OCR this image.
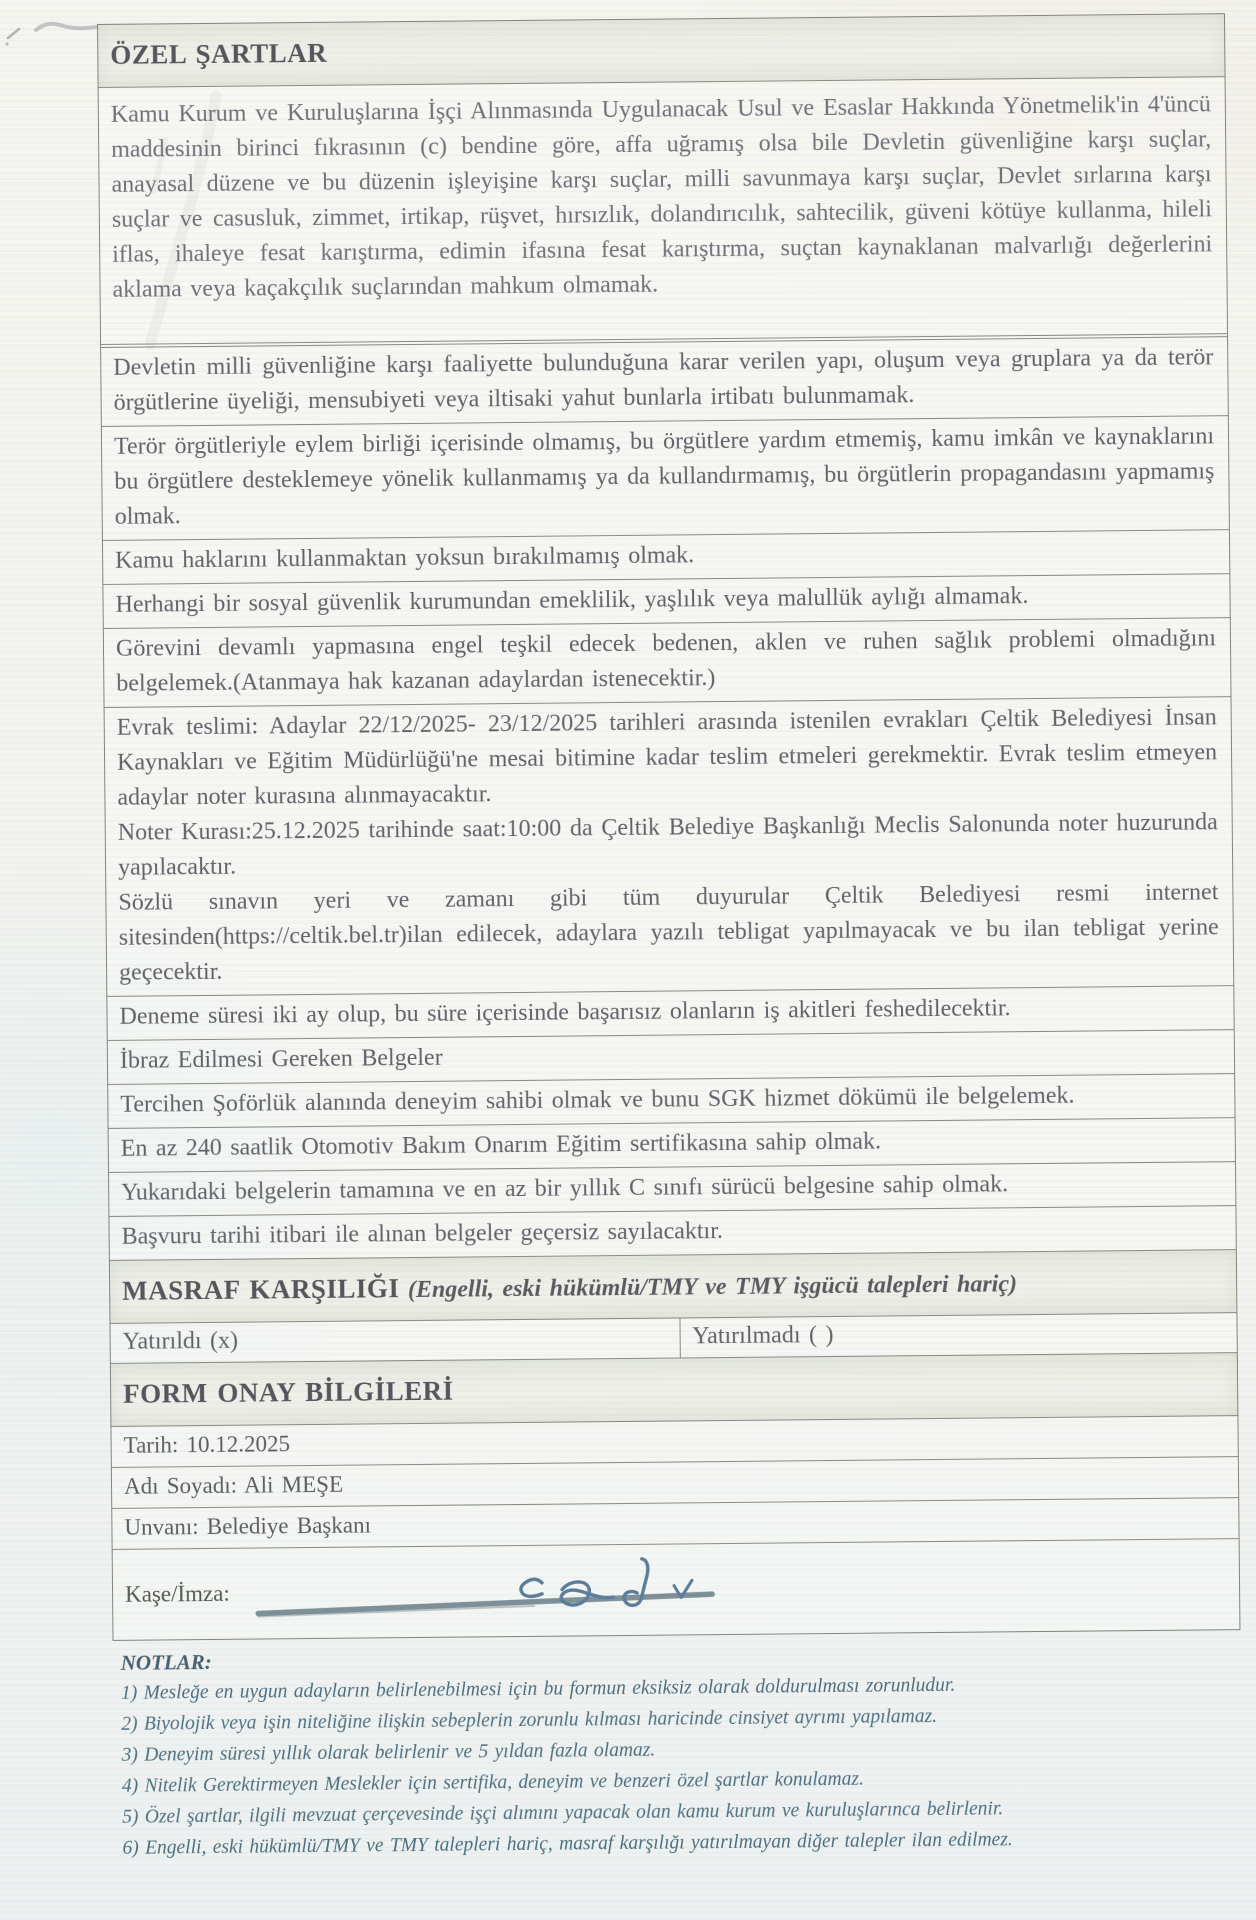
ÖZEL ŞARTLAR

Kamu Kurum ve Kuruluşlarına İşçi Alınmasında Uygulanacak Usul ve Esaslar Hakkında Yönetmelik'in 4'üncü maddesinin birinci fıkrasının (c) bendine göre, affa uğramış olsa bile Devletin güvenliğine karşı suçlar, anayasal düzene ve bu düzenin işleyişine karşı suçlar, milli savunmaya karşı suçlar, Devlet sırlarına karşı suçlar ve casusluk, zimmet, irtikap, rüşvet, hırsızlık, dolandırıcılık, sahtecilik, güveni kötüye kullanma, hileli iflas, ihaleye fesat karıştırma, edimin ifasına fesat karıştırma, suçtan kaynaklanan malvarlığı değerlerini aklama veya kaçakçılık suçlarından mahkum olmamak.

Devletin milli güvenliğine karşı faaliyette bulunduğuna karar verilen yapı, oluşum veya gruplara ya da terör örgütlerine üyeliği, mensubiyeti veya iltisaki yahut bunlarla irtibatı bulunmamak.

Terör örgütleriyle eylem birliği içerisinde olmamış, bu örgütlere yardım etmemiş, kamu imkân ve kaynaklarını bu örgütlere desteklemeye yönelik kullanmamış ya da kullandırmamış, bu örgütlerin propagandasını yapmamış olmak.

Kamu haklarını kullanmaktan yoksun bırakılmamış olmak.

Herhangi bir sosyal güvenlik kurumundan emeklilik, yaşlılık veya malullük aylığı almamak.

Görevini devamlı yapmasına engel teşkil edecek bedenen, aklen ve ruhen sağlık problemi olmadığını belgelemek.(Atanmaya hak kazanan adaylardan istenecektir.)

Evrak teslimi: Adaylar 22/12/2025- 23/12/2025 tarihleri arasında istenilen evrakları Çeltik Belediyesi İnsan Kaynakları ve Eğitim Müdürlüğü'ne mesai bitimine kadar teslim etmeleri gerekmektir. Evrak teslim etmeyen adaylar noter kurasına alınmayacaktır.

Noter Kurası:25.12.2025 tarihinde saat:10:00 da Çeltik Belediye Başkanlığı Meclis Salonunda noter huzurunda yapılacaktır.

Sözlü sınavın yeri ve zamanı gibi tüm duyurular Çeltik Belediyesi resmi internet sitesinden(https://celtik.bel.tr)ilan edilecek, adaylara yazılı tebligat yapılmayacak ve bu ilan tebligat yerine geçecektir.

Deneme süresi iki ay olup, bu süre içerisinde başarısız olanların iş akitleri feshedilecektir.

İbraz Edilmesi Gereken Belgeler

Tercihen Şoförlük alanında deneyim sahibi olmak ve bunu SGK hizmet dökümü ile belgelemek.

En az 240 saatlik Otomotiv Bakım Onarım Eğitim sertifikasına sahip olmak.

Yukarıdaki belgelerin tamamına ve en az bir yıllık C sınıfı sürücü belgesine sahip olmak.

Başvuru tarihi itibari ile alınan belgeler geçersiz sayılacaktır.

MASRAF KARŞILIĞI (Engelli, eski hükümlü/TMY ve TMY işgücü talepleri hariç)
Yatırıldı (x)	Yatırılmadı ( )
FORM ONAY BİLGİLERİ
Tarih: 10.12.2025
Adı Soyadı: Ali MEŞE
Unvanı: Belediye Başkanı
Kaşe/İmza:

NOTLAR:

1) Mesleğe en uygun adayların belirlenebilmesi için bu formun eksiksiz olarak doldurulması zorunludur.

2) Biyolojik veya işin niteliğine ilişkin sebeplerin zorunlu kılması haricinde cinsiyet ayrımı yapılamaz.

3) Deneyim süresi yıllık olarak belirlenir ve 5 yıldan fazla olamaz.

4) Nitelik Gerektirmeyen Meslekler için sertifika, deneyim ve benzeri özel şartlar konulamaz.

5) Özel şartlar, ilgili mevzuat çerçevesinde işçi alımını yapacak olan kamu kurum ve kuruluşlarınca belirlenir.

6) Engelli, eski hükümlü/TMY ve TMY talepleri hariç, masraf karşılığı yatırılmayan diğer talepler ilan edilmez.
